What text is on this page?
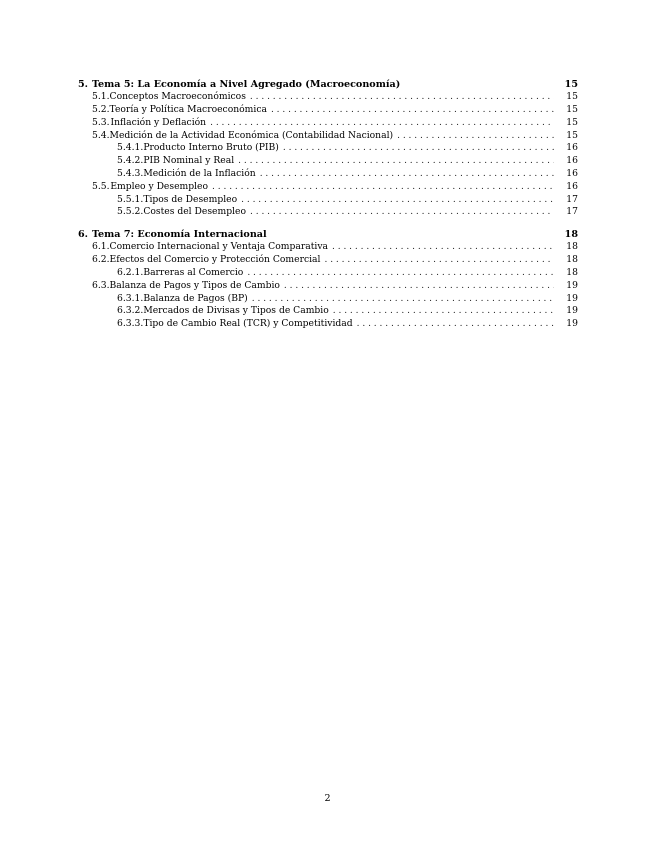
5. Tema 5: La Economía a Nivel Agregado (Macroeconomía)	15
5.1. Conceptos Macroeconómicos . . .	15
5.2. Teoría y Política Macroeconómica . . .	15
5.3. Inflación y Deflación . . .	15
5.4. Medición de la Actividad Económica (Contabilidad Nacional) . . .	15
5.4.1. Producto Interno Bruto (PIB) . . .	16
5.4.2. PIB Nominal y Real . . .	16
5.4.3. Medición de la Inflación . . .	16
5.5. Empleo y Desempleo . . .	16
5.5.1. Tipos de Desempleo . . .	17
5.5.2. Costes del Desempleo . . .	17
6. Tema 7: Economía Internacional	18
6.1. Comercio Internacional y Ventaja Comparativa . . .	18
6.2. Efectos del Comercio y Protección Comercial . . .	18
6.2.1. Barreras al Comercio . . .	18
6.3. Balanza de Pagos y Tipos de Cambio . . .	19
6.3.1. Balanza de Pagos (BP) . . .	19
6.3.2. Mercados de Divisas y Tipos de Cambio . . .	19
6.3.3. Tipo de Cambio Real (TCR) y Competitividad . . .	19
2
